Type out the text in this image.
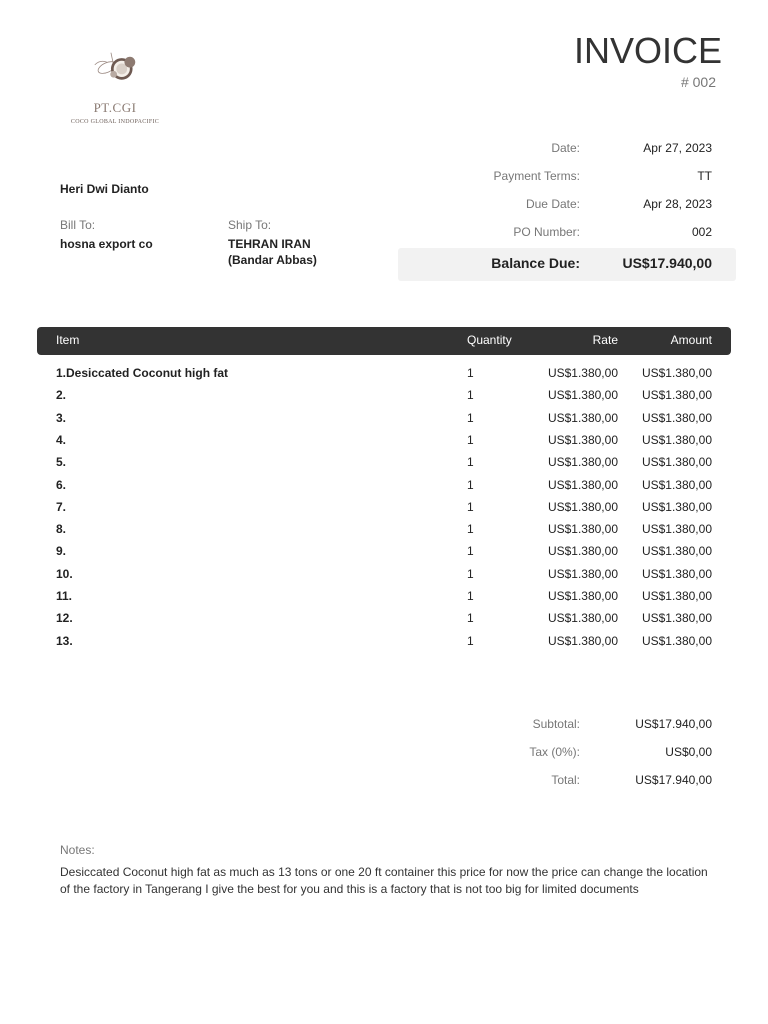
PT.CGI
COCO GLOBAL INDOPACIFIC
INVOICE
# 002
Date:	Apr 27, 2023
Payment Terms:	TT
Due Date:	Apr 28, 2023
PO Number:	002
Balance Due:	US$17.940,00
Heri Dwi Dianto
Bill To:
hosna export co
Ship To:
TEHRAN IRAN
(Bandar Abbas)
Item	Quantity	Rate	Amount
1.Desiccated Coconut high fat	1	US$1.380,00 US$1.380,00
2.	1	US$1.380,00 US$1.380,00
3.	1	US$1.380,00 US$1.380,00
4.	1	US$1.380,00 US$1.380,00
5.	1	US$1.380,00 US$1.380,00
6.	1	US$1.380,00 US$1.380,00
7.	1	US$1.380,00 US$1.380,00
8.	1	US$1.380,00 US$1.380,00
9.	1	US$1.380,00 US$1.380,00
10.	1	US$1.380,00 US$1.380,00
11.	1	US$1.380,00 US$1.380,00
12.	1	US$1.380,00 US$1.380,00
13.	1	US$1.380,00 US$1.380,00
Subtotal:	US$17.940,00
Tax (0%):	US$0,00
Total:	US$17.940,00
Notes:
Desiccated Coconut high fat as much as 13 tons or one 20 ft container this price for now the price can change the location of the factory in Tangerang I give the best for you and this is a factory that is not too big for limited documents
